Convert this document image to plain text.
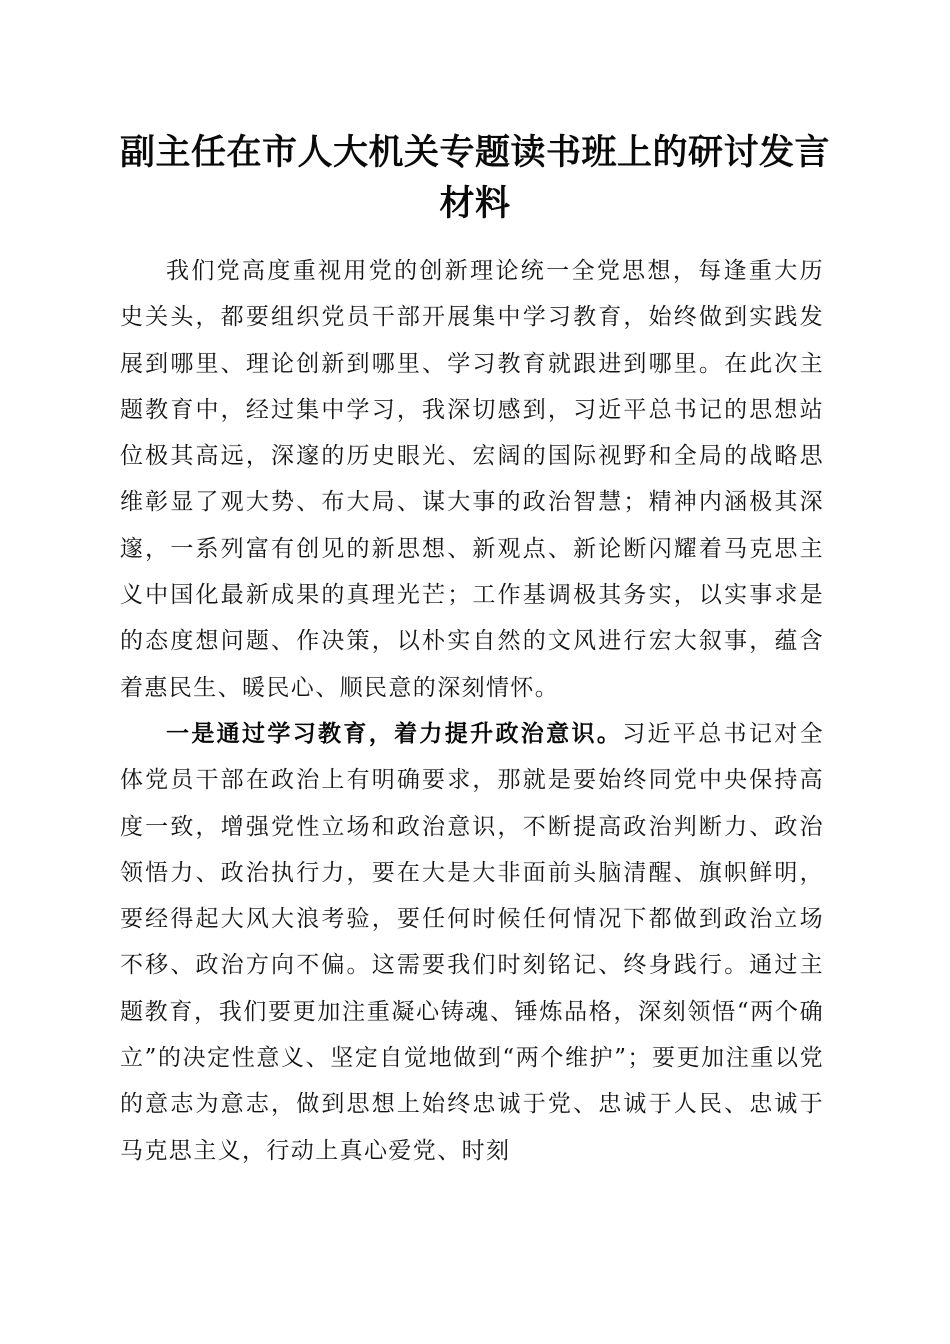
副主任在市人大机关专题读书班上的研讨发言材料

我们党高度重视用党的创新理论统一全党思想，每逢重大历史关头，都要组织党员干部开展集中学习教育，始终做到实践发展到哪里、理论创新到哪里、学习教育就跟进到哪里。在此次主题教育中，经过集中学习，我深切感到，习近平总书记的思想站位极其高远，深邃的历史眼光、宏阔的国际视野和全局的战略思维彰显了观大势、布大局、谋大事的政治智慧；精神内涵极其深邃，一系列富有创见的新思想、新观点、新论断闪耀着马克思主义中国化最新成果的真理光芒；工作基调极其务实，以实事求是的态度想问题、作决策，以朴实自然的文风进行宏大叙事，蕴含着惠民生、暖民心、顺民意的深刻情怀。

一是通过学习教育，着力提升政治意识。习近平总书记对全体党员干部在政治上有明确要求，那就是要始终同党中央保持高度一致，增强党性立场和政治意识，不断提高政治判断力、政治领悟力、政治执行力，要在大是大非面前头脑清醒、旗帜鲜明，要经得起大风大浪考验，要任何时候任何情况下都做到政治立场不移、政治方向不偏。这需要我们时刻铭记、终身践行。通过主题教育，我们要更加注重凝心铸魂、锤炼品格，深刻领悟“两个确立”的决定性意义、坚定自觉地做到“两个维护”；要更加注重以党的意志为意志，做到思想上始终忠诚于党、忠诚于人民、忠诚于马克思主义，行动上真心爱党、时刻
